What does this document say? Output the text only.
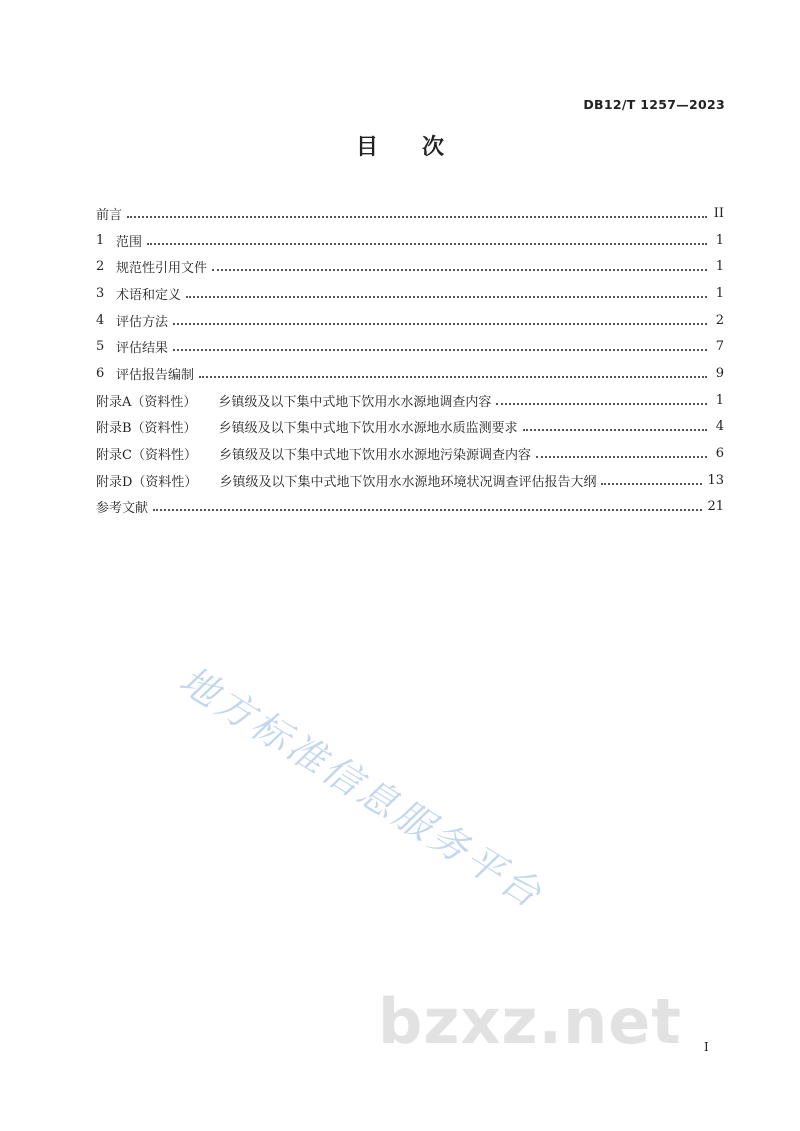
DB12/T 1257—2023
目次
前言	II
1 范围	1
2 规范性引用文件	1
3 术语和定义	1
4 评估方法	2
5 评估结果	7
6 评估报告编制	9
附录A（资料性） 乡镇级及以下集中式地下饮用水水源地调查内容	1
附录B（资料性） 乡镇级及以下集中式地下饮用水水源地水质监测要求	4
附录C（资料性） 乡镇级及以下集中式地下饮用水水源地污染源调查内容	6
附录D（资料性） 乡镇级及以下集中式地下饮用水水源地环境状况调查评估报告大纲	13
参考文献	21
地方标准信息服务平台
bzxz.net I
